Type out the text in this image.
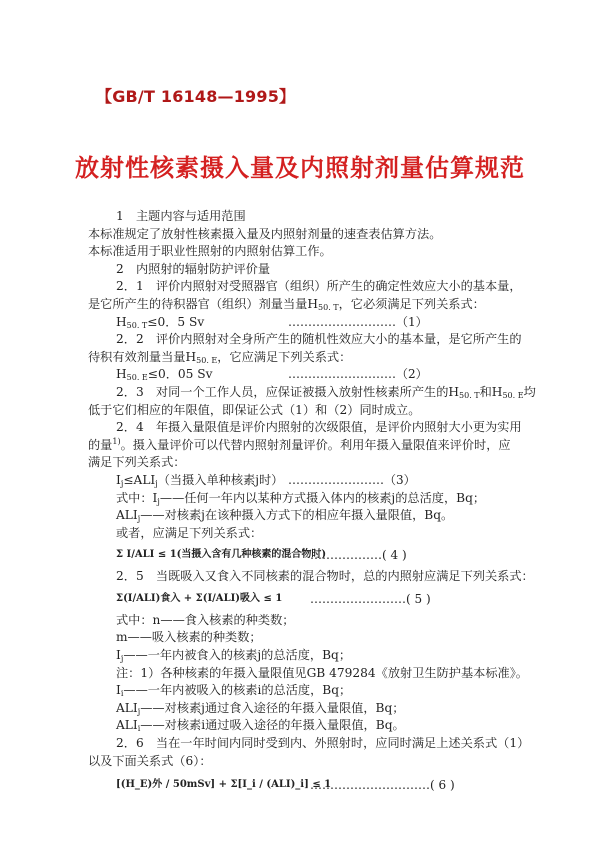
【GB/T 16148—1995】
放射性核素摄入量及内照射剂量估算规范
1　主题内容与适用范围
本标准规定了放射性核素摄入量及内照射剂量的速查表估算方法。
本标准适用于职业性照射的内照射估算工作。
2　内照射的辐射防护评价量
2．1　评价内照射对受照器官（组织）所产生的确定性效应大小的基本量，
是它所产生的待积器官（组织）剂量当量$H_{50. T}$，它必须满足下列关系式：
$H_{50. T}\le 0$．5 Sv	………………………（1）
2．2　评价内照射对全身所产生的随机性效应大小的基本量，是它所产生的
待积有效剂量当量$H_{50. E}$，它应满足下列关系式：
$H_{50. E}\le 0$．05 Sv	………………………（2）
2．3　对同一个工作人员，应保证被摄入放射性核素所产生的$H_{50. T}$和$H_{50. E}$均
低于它们相应的年限值，即保证公式（1）和（2）同时成立。
2．4　年摄入量限值是评价内照射的次级限值，是评价内照射大小更为实用
的量$^{1)}$。摄入量评价可以代替内照射剂量评价。利用年摄入量限值来评价时，应
满足下列关系式：
$I_j\le ALI_j$（当摄入单种核素j时） ……………………（3）
式中：$I_j——$任何一年内以某种方式摄入体内的核素j的总活度，Bq；
$ALI_j——$对核素j在该种摄入方式下的相应年摄入量限值，Bq。
或者，应满足下列关系式：
Σ I/ALI ≤ 1(当摄入含有几种核素的混合物时)
………………( 4 )
2．5　当既吸入又食入不同核素的混合物时，总的内照射应满足下列关系式：
Σ(I/ALI)食入 + Σ(I/ALI)吸入 ≤ 1 ……………………( 5 )
式中：n——食入核素的种类数；
m——吸入核素的种类数；
$I_j——$一年内被食入的核素j的总活度，Bq；
注：1）各种核素的年摄入量限值见GB 479284《放射卫生防护基本标准》。
$I_i——$一年内被吸入的核素i的总活度，Bq；
$ALI_j——$对核素j通过食入途径的年摄入量限值，Bq；
$ALI_i——$对核素i通过吸入途径的年摄入量限值，Bq。
2．6　当在一年时间内同时受到内、外照射时，应同时满足上述关系式（1）
以及下面关系式（6）：
[(H_E)外 / 50mSv] + Σ[I_i / (ALI)_i] ≤ 1
…………………………( 6 )
